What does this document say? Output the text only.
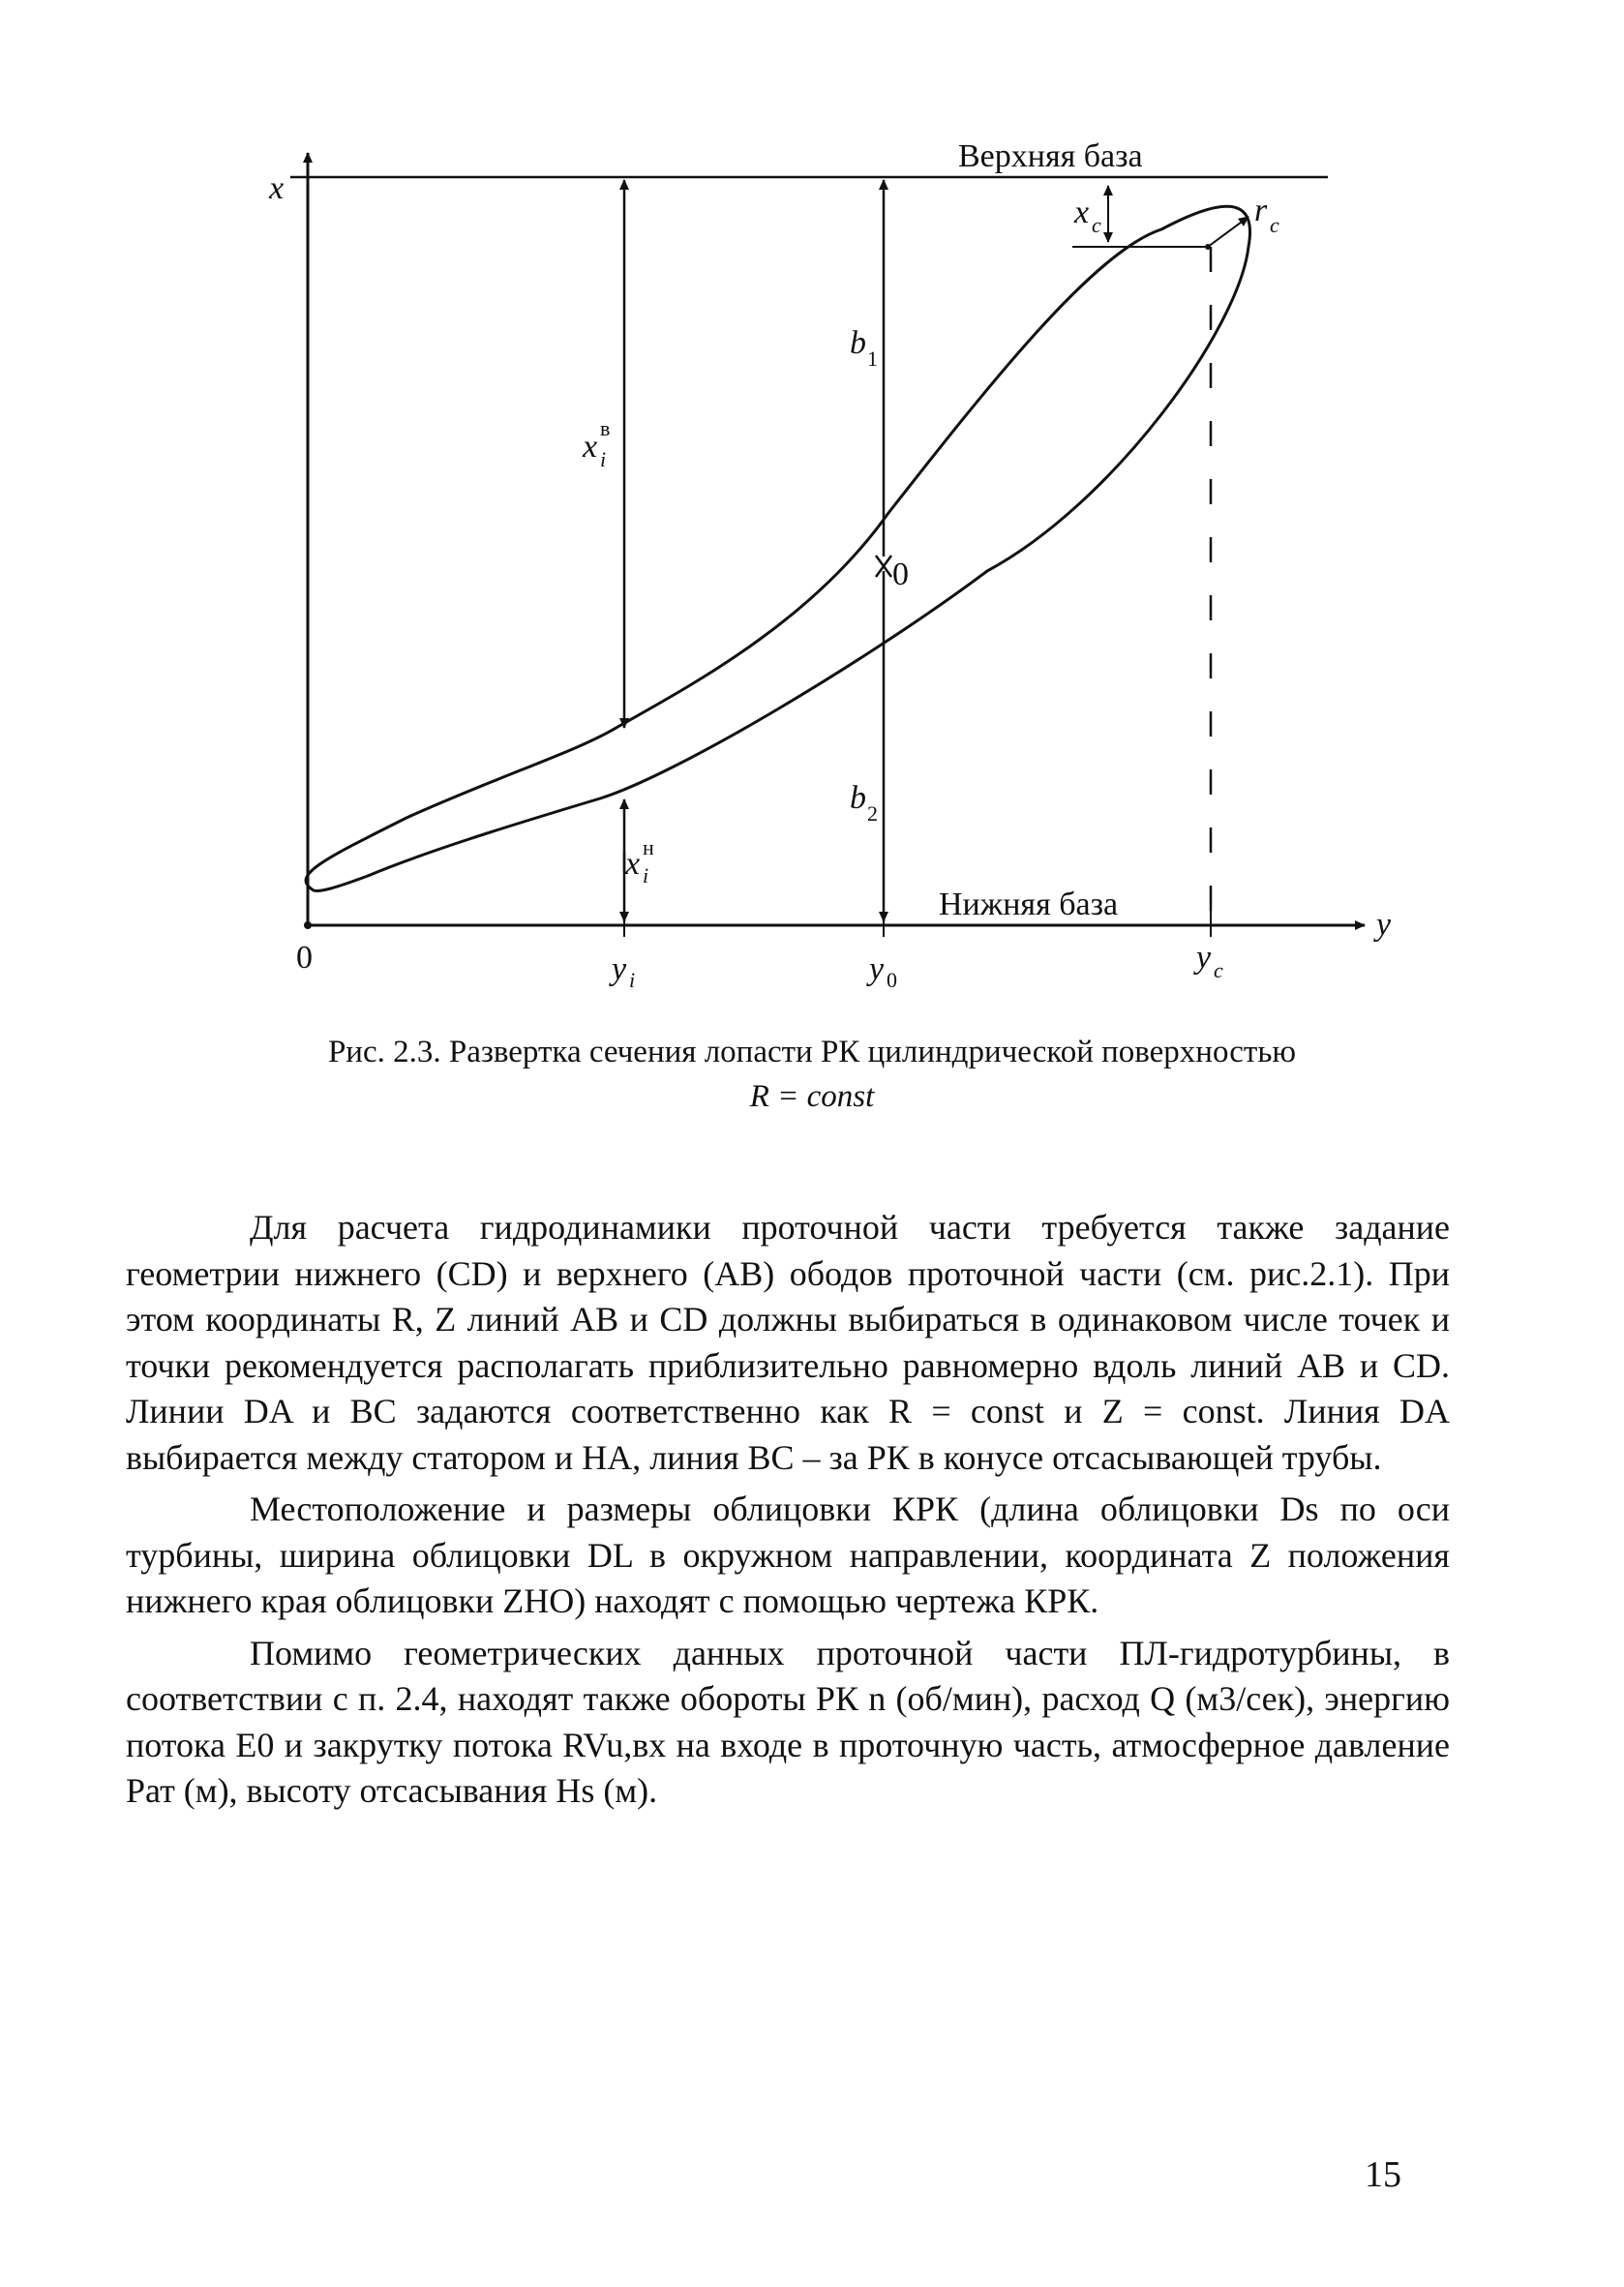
x
y
0
Верхняя база
Нижняя база
b 1
b 2
0
x
в
i
x н
i
x c	r c
y i	y 0
y c
Рис. 2.3. Развертка сечения лопасти РК цилиндрической поверхностью
R = const

Для расчета гидродинамики проточной части требуется также задание геометрии нижнего (CD) и верхнего (AB) ободов проточной части (см. рис.2.1). При этом координаты R, Z линий AB и CD должны выбираться в одинаковом числе точек и точки рекомендуется располагать приблизительно равномерно вдоль линий AB и CD. Линии DA и BC задаются соответственно как R = const и Z = const. Линия DA выбирается между статором и НА, линия BC – за РК в конусе отсасывающей трубы.

Местоположение и размеры облицовки КРК (длина облицовки Ds по оси турбины, ширина облицовки DL в окружном направлении, координата Z положения нижнего края облицовки ZHO) находят с помощью чертежа КРК.

Помимо геометрических данных проточной части ПЛ-гидротурбины, в соответствии с п. 2.4, находят также обороты РК n (об/мин), расход Q (м3/сек), энергию потока E0 и закрутку потока RVu,вх на входе в проточную часть, атмосферное давление Pат (м), высоту отсасывания Hs (м).

15
